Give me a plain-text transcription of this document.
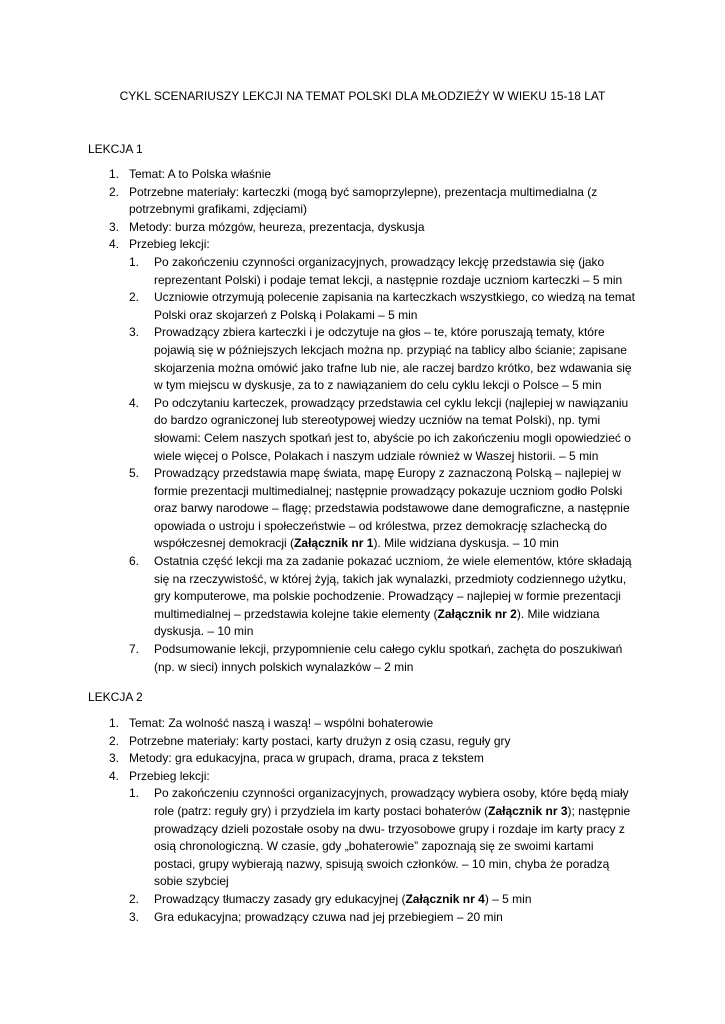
CYKL SCENARIUSZY LEKCJI NA TEMAT POLSKI DLA MŁODZIEŻY W WIEKU 15-18 LAT
LEKCJA 1
1. Temat: A to Polska właśnie
2. Potrzebne materiały: karteczki (mogą być samoprzylepne), prezentacja multimedialna (z potrzebnymi grafikami, zdjęciami)
3. Metody: burza mózgów, heureza, prezentacja, dyskusja
4. Przebieg lekcji:
1. Po zakończeniu czynności organizacyjnych, prowadzący lekcję przedstawia się (jako reprezentant Polski) i podaje temat lekcji, a następnie rozdaje uczniom karteczki – 5 min
2. Uczniowie otrzymują polecenie zapisania na karteczkach wszystkiego, co wiedzą na temat Polski oraz skojarzeń z Polską i Polakami – 5 min
3. Prowadzący zbiera karteczki i je odczytuje na głos – te, które poruszają tematy, które pojawią się w późniejszych lekcjach można np. przypiąć na tablicy albo ścianie; zapisane skojarzenia można omówić jako trafne lub nie, ale raczej bardzo krótko, bez wdawania się w tym miejscu w dyskusje, za to z nawiązaniem do celu cyklu lekcji o Polsce – 5 min
4. Po odczytaniu karteczek, prowadzący przedstawia cel cyklu lekcji (najlepiej w nawiązaniu do bardzo ograniczonej lub stereotypowej wiedzy uczniów na temat Polski), np. tymi słowami: Celem naszych spotkań jest to, abyście po ich zakończeniu mogli opowiedzieć o wiele więcej o Polsce, Polakach i naszym udziale również w Waszej historii. – 5 min
5. Prowadzący przedstawia mapę świata, mapę Europy z zaznaczoną Polską – najlepiej w formie prezentacji multimedialnej; następnie prowadzący pokazuje uczniom godło Polski oraz barwy narodowe – flagę; przedstawia podstawowe dane demograficzne, a następnie opowiada o ustroju i społeczeństwie – od królestwa, przez demokrację szlachecką do współczesnej demokracji (Załącznik nr 1). Mile widziana dyskusja. – 10 min
6. Ostatnia część lekcji ma za zadanie pokazać uczniom, że wiele elementów, które składają się na rzeczywistość, w której żyją, takich jak wynalazki, przedmioty codziennego użytku, gry komputerowe, ma polskie pochodzenie. Prowadzący – najlepiej w formie prezentacji multimedialnej – przedstawia kolejne takie elementy (Załącznik nr 2). Mile widziana dyskusja. – 10 min
7. Podsumowanie lekcji, przypomnienie celu całego cyklu spotkań, zachęta do poszukiwań (np. w sieci) innych polskich wynalazków – 2 min
LEKCJA 2
1. Temat: Za wolność naszą i waszą! – wspólni bohaterowie
2. Potrzebne materiały: karty postaci, karty drużyn z osią czasu, reguły gry
3. Metody: gra edukacyjna, praca w grupach, drama, praca z tekstem
4. Przebieg lekcji:
1. Po zakończeniu czynności organizacyjnych, prowadzący wybiera osoby, które będą miały role (patrz: reguły gry) i przydziela im karty postaci bohaterów (Załącznik nr 3); następnie prowadzący dzieli pozostałe osoby na dwu- trzyosobowe grupy i rozdaje im karty pracy z osią chronologiczną. W czasie, gdy „bohaterowie” zapoznają się ze swoimi kartami postaci, grupy wybierają nazwy, spisują swoich członków. – 10 min, chyba że poradzą sobie szybciej
2. Prowadzący tłumaczy zasady gry edukacyjnej (Załącznik nr 4) – 5 min
3. Gra edukacyjna; prowadzący czuwa nad jej przebiegiem – 20 min
